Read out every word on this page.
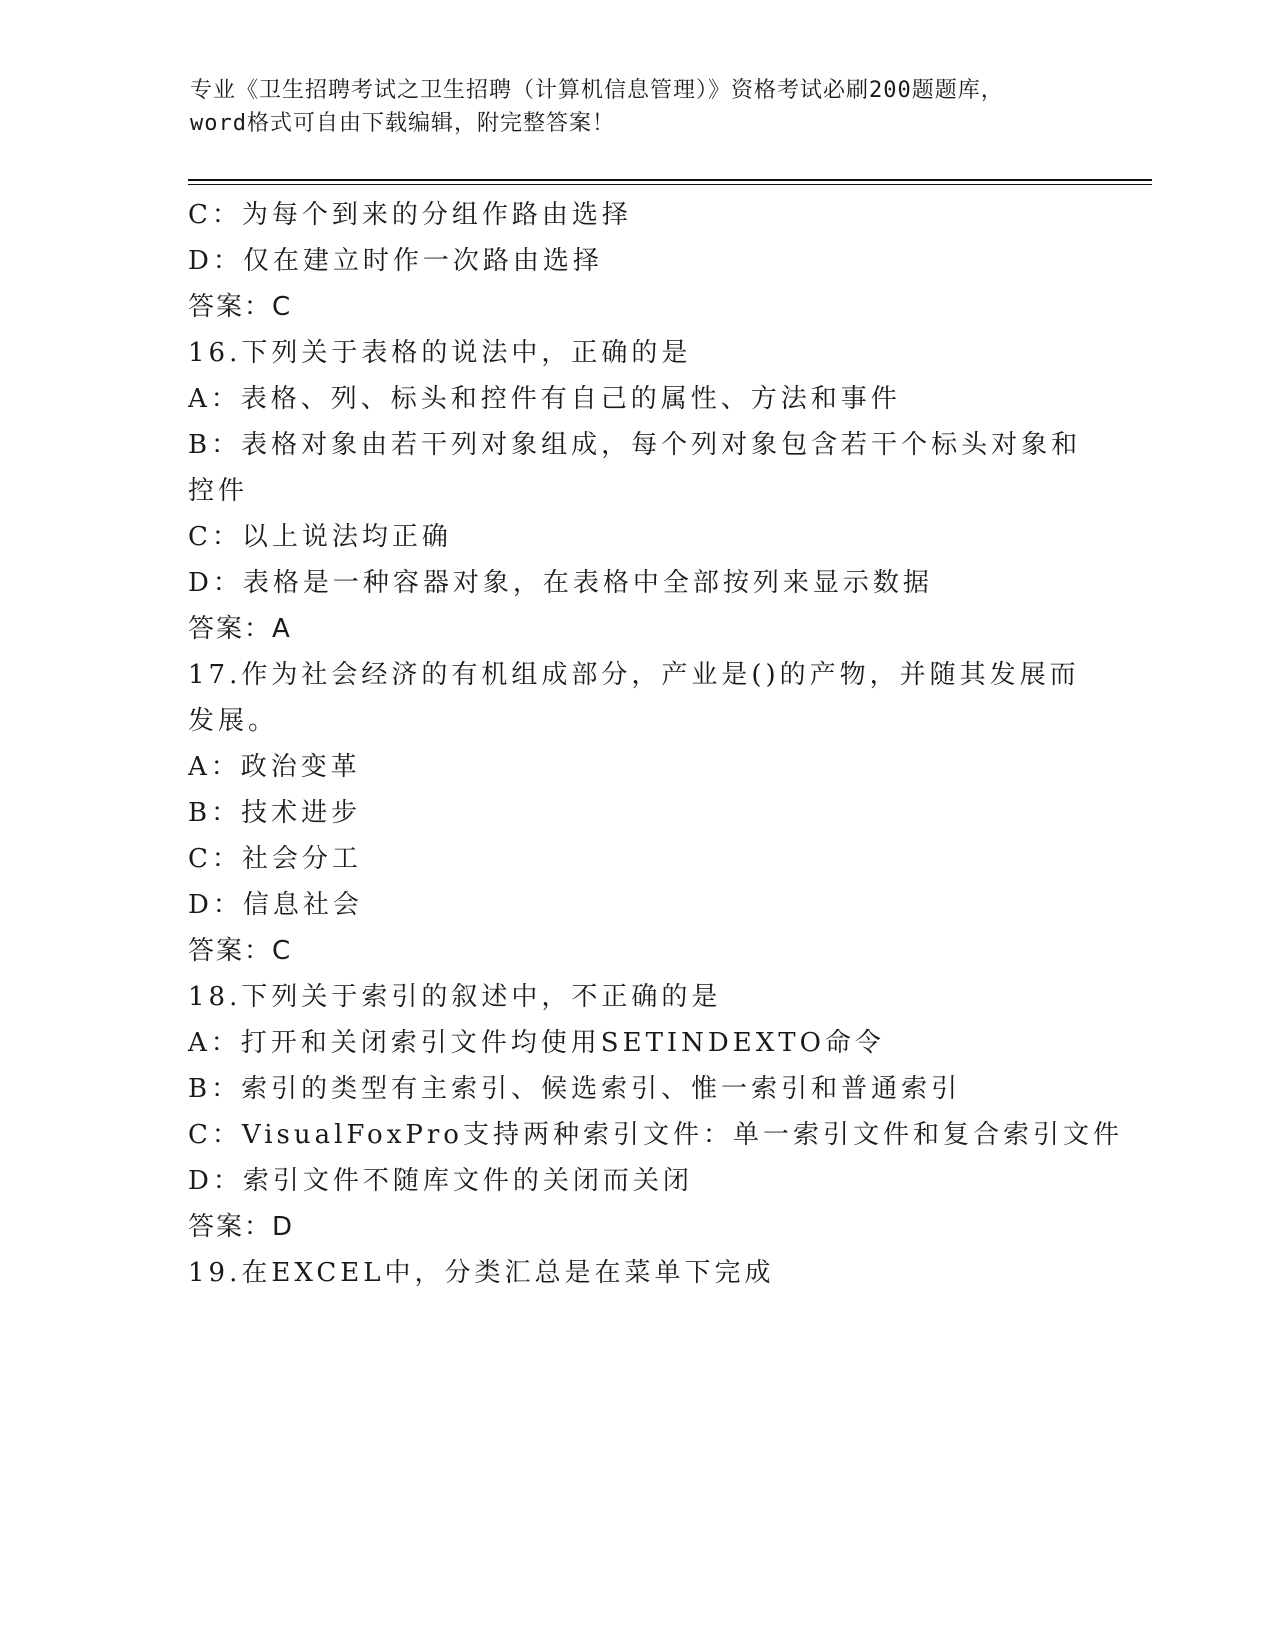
专业《卫生招聘考试之卫生招聘（计算机信息管理）》资格考试必刷200题题库，
word格式可自由下载编辑，附完整答案！
C：为每个到来的分组作路由选择
D：仅在建立时作一次路由选择
答案：C
16.下列关于表格的说法中，正确的是
A：表格、列、标头和控件有自己的属性、方法和事件
B：表格对象由若干列对象组成，每个列对象包含若干个标头对象和控件
C：以上说法均正确
D：表格是一种容器对象，在表格中全部按列来显示数据
答案：A
17.作为社会经济的有机组成部分，产业是()的产物，并随其发展而发展。
A：政治变革
B：技术进步
C：社会分工
D：信息社会
答案：C
18.下列关于索引的叙述中，不正确的是
A：打开和关闭索引文件均使用SETINDEXTO命令
B：索引的类型有主索引、候选索引、惟一索引和普通索引
C：VisualFoxPro支持两种索引文件：单一索引文件和复合索引文件
D：索引文件不随库文件的关闭而关闭
答案：D
19.在EXCEL中，分类汇总是在菜单下完成
